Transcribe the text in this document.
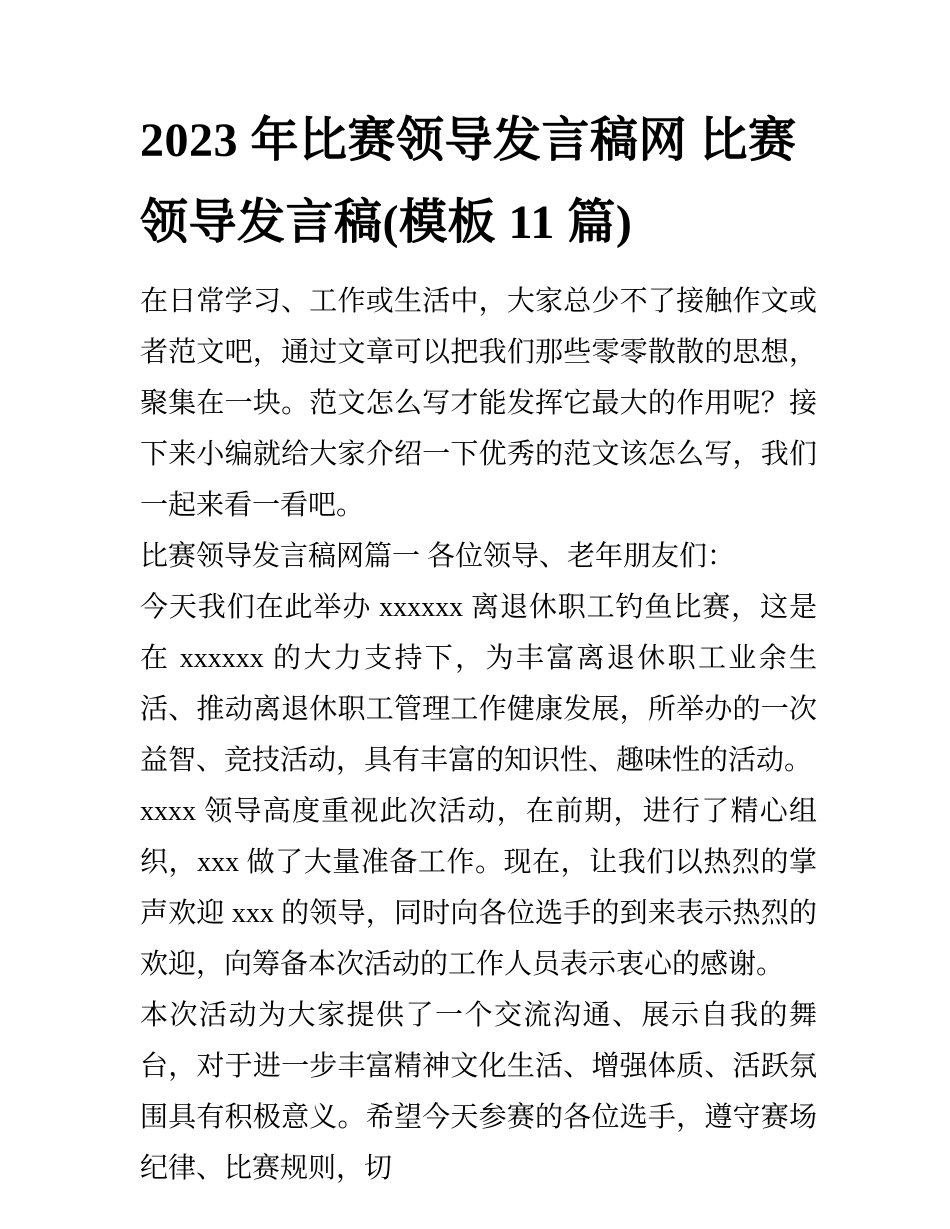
2023 年比赛领导发言稿网 比赛领导发言稿(模板 11 篇)

在日常学习、工作或生活中，大家总少不了接触作文或者范文吧，通过文章可以把我们那些零零散散的思想，聚集在一块。范文怎么写才能发挥它最大的作用呢？接下来小编就给大家介绍一下优秀的范文该怎么写，我们一起来看一看吧。

比赛领导发言稿网篇一 各位领导、老年朋友们：

今天我们在此举办 xxxxxx 离退休职工钓鱼比赛，这是在 xxxxxx 的大力支持下，为丰富离退休职工业余生活、推动离退休职工管理工作健康发展，所举办的一次益智、竞技活动，具有丰富的知识性、趣味性的活动。

xxxx 领导高度重视此次活动，在前期，进行了精心组织，xxx 做了大量准备工作。现在，让我们以热烈的掌声欢迎 xxx 的领导，同时向各位选手的到来表示热烈的欢迎，向筹备本次活动的工作人员表示衷心的感谢。

本次活动为大家提供了一个交流沟通、展示自我的舞台，对于进一步丰富精神文化生活、增强体质、活跃氛围具有积极意义。希望今天参赛的各位选手，遵守赛场纪律、比赛规则，切
